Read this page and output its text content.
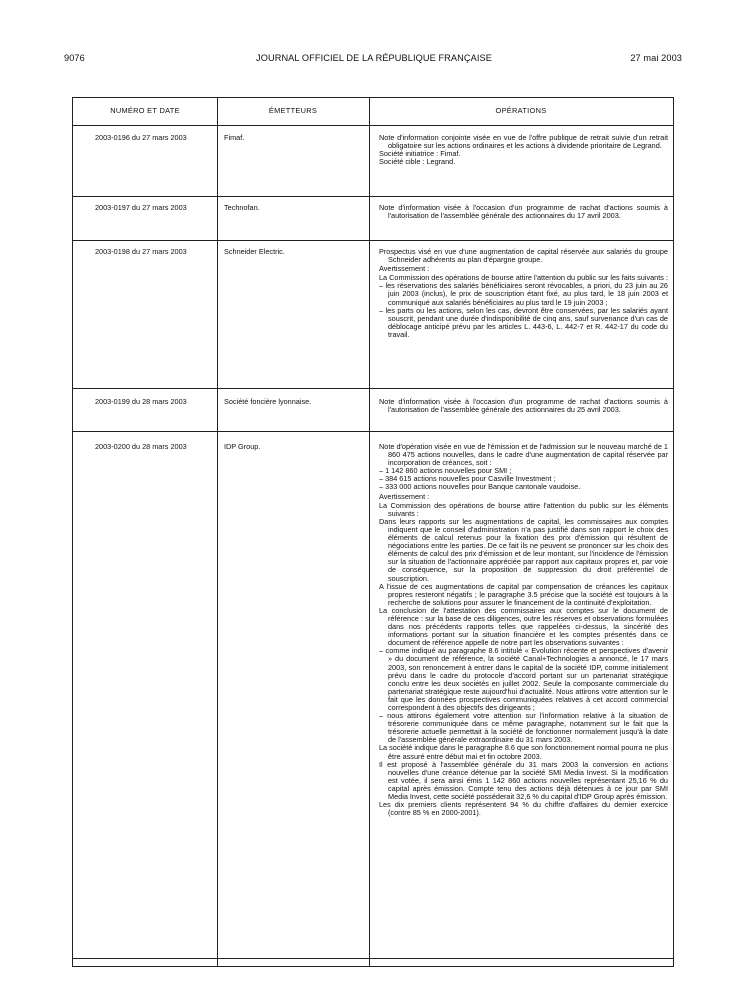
9076	JOURNAL OFFICIEL DE LA RÉPUBLIQUE FRANÇAISE	27 mai 2003
NUMÉRO ET DATE	ÉMETTEURS	OPÉRATIONS
2003-0196 du 27 mars 2003	Fimaf.	Note d'information conjointe visée en vue de l'offre publique de retrait suivie d'un retrait obligatoire sur les actions ordinaires et les actions à dividende prioritaire de Legrand.

Société initiatrice : Fimaf.

Société cible : Legrand.

2003-0197 du 27 mars 2003	Technofan.	Note d'information visée à l'occasion d'un programme de rachat d'actions soumis à l'autorisation de l'assemblée générale des actionnaires du 17 avril 2003.

2003-0198 du 27 mars 2003	Schneider Electric.	Prospectus visé en vue d'une augmentation de capital réservée aux salariés du groupe Schneider adhérents au plan d'épargne groupe.

Avertissement :

La Commission des opérations de bourse attire l'attention du public sur les faits suivants :

– les réservations des salariés bénéficiaires seront révocables, a priori, du 23 juin au 26 juin 2003 (inclus), le prix de souscription étant fixé, au plus tard, le 18 juin 2003 et communiqué aux salariés bénéficiaires au plus tard le 19 juin 2003 ;

– les parts ou les actions, selon les cas, devront être conservées, par les salariés ayant souscrit, pendant une durée d'indisponibilité de cinq ans, sauf survenance d'un cas de déblocage anticipé prévu par les articles L. 443-6, L. 442-7 et R. 442-17 du code du travail.

2003-0199 du 28 mars 2003	Société foncière lyonnaise.	Note d'information visée à l'occasion d'un programme de rachat d'actions soumis à l'autorisation de l'assemblée générale des actionnaires du 25 avril 2003.

2003-0200 du 28 mars 2003	IDP Group.	Note d'opération visée en vue de l'émission et de l'admission sur le nouveau marché de 1 860 475 actions nouvelles, dans le cadre d'une augmentation de capital réservée par incorporation de créances, soit :

– 1 142 860 actions nouvelles pour SMI ;

– 384 615 actions nouvelles pour Casville Investment ;

– 333 000 actions nouvelles pour Banque cantonale vaudoise.

Avertissement :

La Commission des opérations de bourse attire l'attention du public sur les éléments suivants :

Dans leurs rapports sur les augmentations de capital, les commissaires aux comptes indiquent que le conseil d'administration n'a pas justifié dans son rapport le choix des éléments de calcul retenus pour la fixation des prix d'émission qui résultent de négociations entre les parties. De ce fait ils ne peuvent se prononcer sur les choix des éléments de calcul des prix d'émission et de leur montant, sur l'incidence de l'émission sur la situation de l'actionnaire appréciée par rapport aux capitaux propres et, par voie de conséquence, sur la proposition de suppression du droit préférentiel de souscription.

A l'issue de ces augmentations de capital par compensation de créances les capitaux propres resteront négatifs ; le paragraphe 3.5 précise que la société est toujours à la recherche de solutions pour assurer le financement de la continuité d'exploitation.

La conclusion de l'attestation des commissaires aux comptes sur le document de référence : sur la base de ces diligences, outre les réserves et observations formulées dans nos précédents rapports telles que rappelées ci-dessus, la sincérité des informations portant sur la situation financière et les comptes présentés dans ce document de référence appelle de notre part les observations suivantes :

– comme indiqué au paragraphe 8.6 intitulé « Evolution récente et perspectives d'avenir » du document de référence, la société Canal+Technologies a annoncé, le 17 mars 2003, son renoncement à entrer dans le capital de la société IDP, comme initialement prévu dans le cadre du protocole d'accord portant sur un partenariat stratégique conclu entre les deux sociétés en juillet 2002. Seule la composante commerciale du partenariat stratégique reste aujourd'hui d'actualité. Nous attirons votre attention sur le fait que les données prospectives communiquées relatives à cet accord commercial correspondent à des objectifs des dirigeants ;

– nous attirons également votre attention sur l'information relative à la situation de trésorerie communiquée dans ce même paragraphe, notamment sur le fait que la trésorerie actuelle permettait à la société de fonctionner normalement jusqu'à la date de l'assemblée générale extraordinaire du 31 mars 2003.

La société indique dans le paragraphe 8.6 que son fonctionnement normal pourra ne plus être assuré entre début mai et fin octobre 2003.

Il est proposé à l'assemblée générale du 31 mars 2003 la conversion en actions nouvelles d'une créance détenue par la société SMI Media Invest. Si la modification est votée, il sera ainsi émis 1 142 860 actions nouvelles représentant 25,16 % du capital après émission. Compte tenu des actions déjà détenues à ce jour par SMI Media Invest, cette société posséderait 32,6 % du capital d'IDP Group après émission.

Les dix premiers clients représentent 94 % du chiffre d'affaires du dernier exercice (contre 85 % en 2000-2001).
